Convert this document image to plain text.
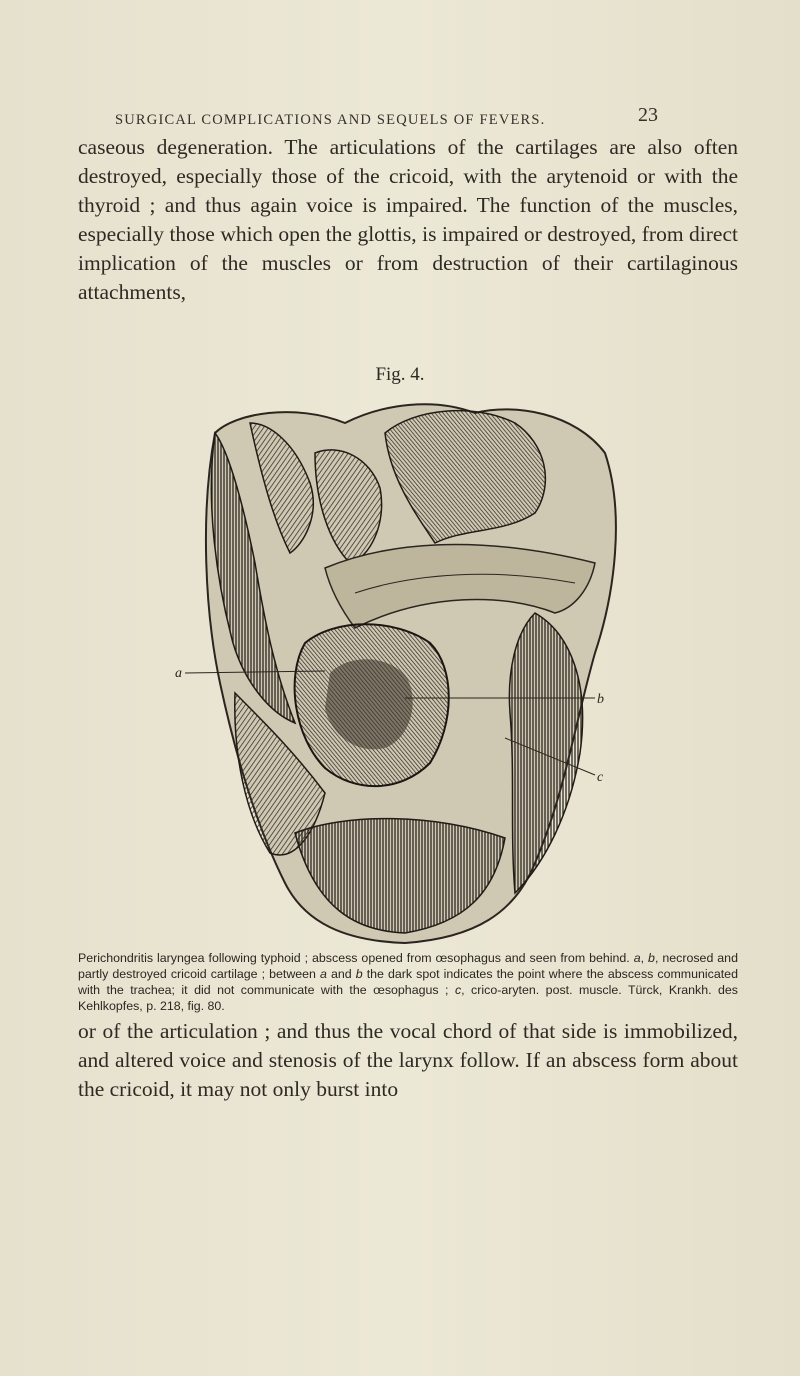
SURGICAL COMPLICATIONS AND SEQUELS OF FEVERS.	23

caseous degeneration. The articulations of the cartilages are also often destroyed, especially those of the cricoid, with the arytenoid or with the thyroid ; and thus again voice is impaired. The function of the muscles, especially those which open the glottis, is impaired or destroyed, from direct implication of the muscles or from destruction of their cartilaginous attachments,

Fig. 4.
a
b
c

Perichondritis laryngea following typhoid ; abscess opened from œsophagus and seen from behind. a, b, necrosed and partly destroyed cricoid cartilage ; between a and b the dark spot indicates the point where the abscess communicated with the trachea; it did not communicate with the œsophagus ; c, crico-aryten. post. muscle. Türck, Krankh. des Kehlkopfes, p. 218, fig. 80.

or of the articulation ; and thus the vocal chord of that side is immobilized, and altered voice and stenosis of the larynx follow. If an abscess form about the cricoid, it may not only burst into
